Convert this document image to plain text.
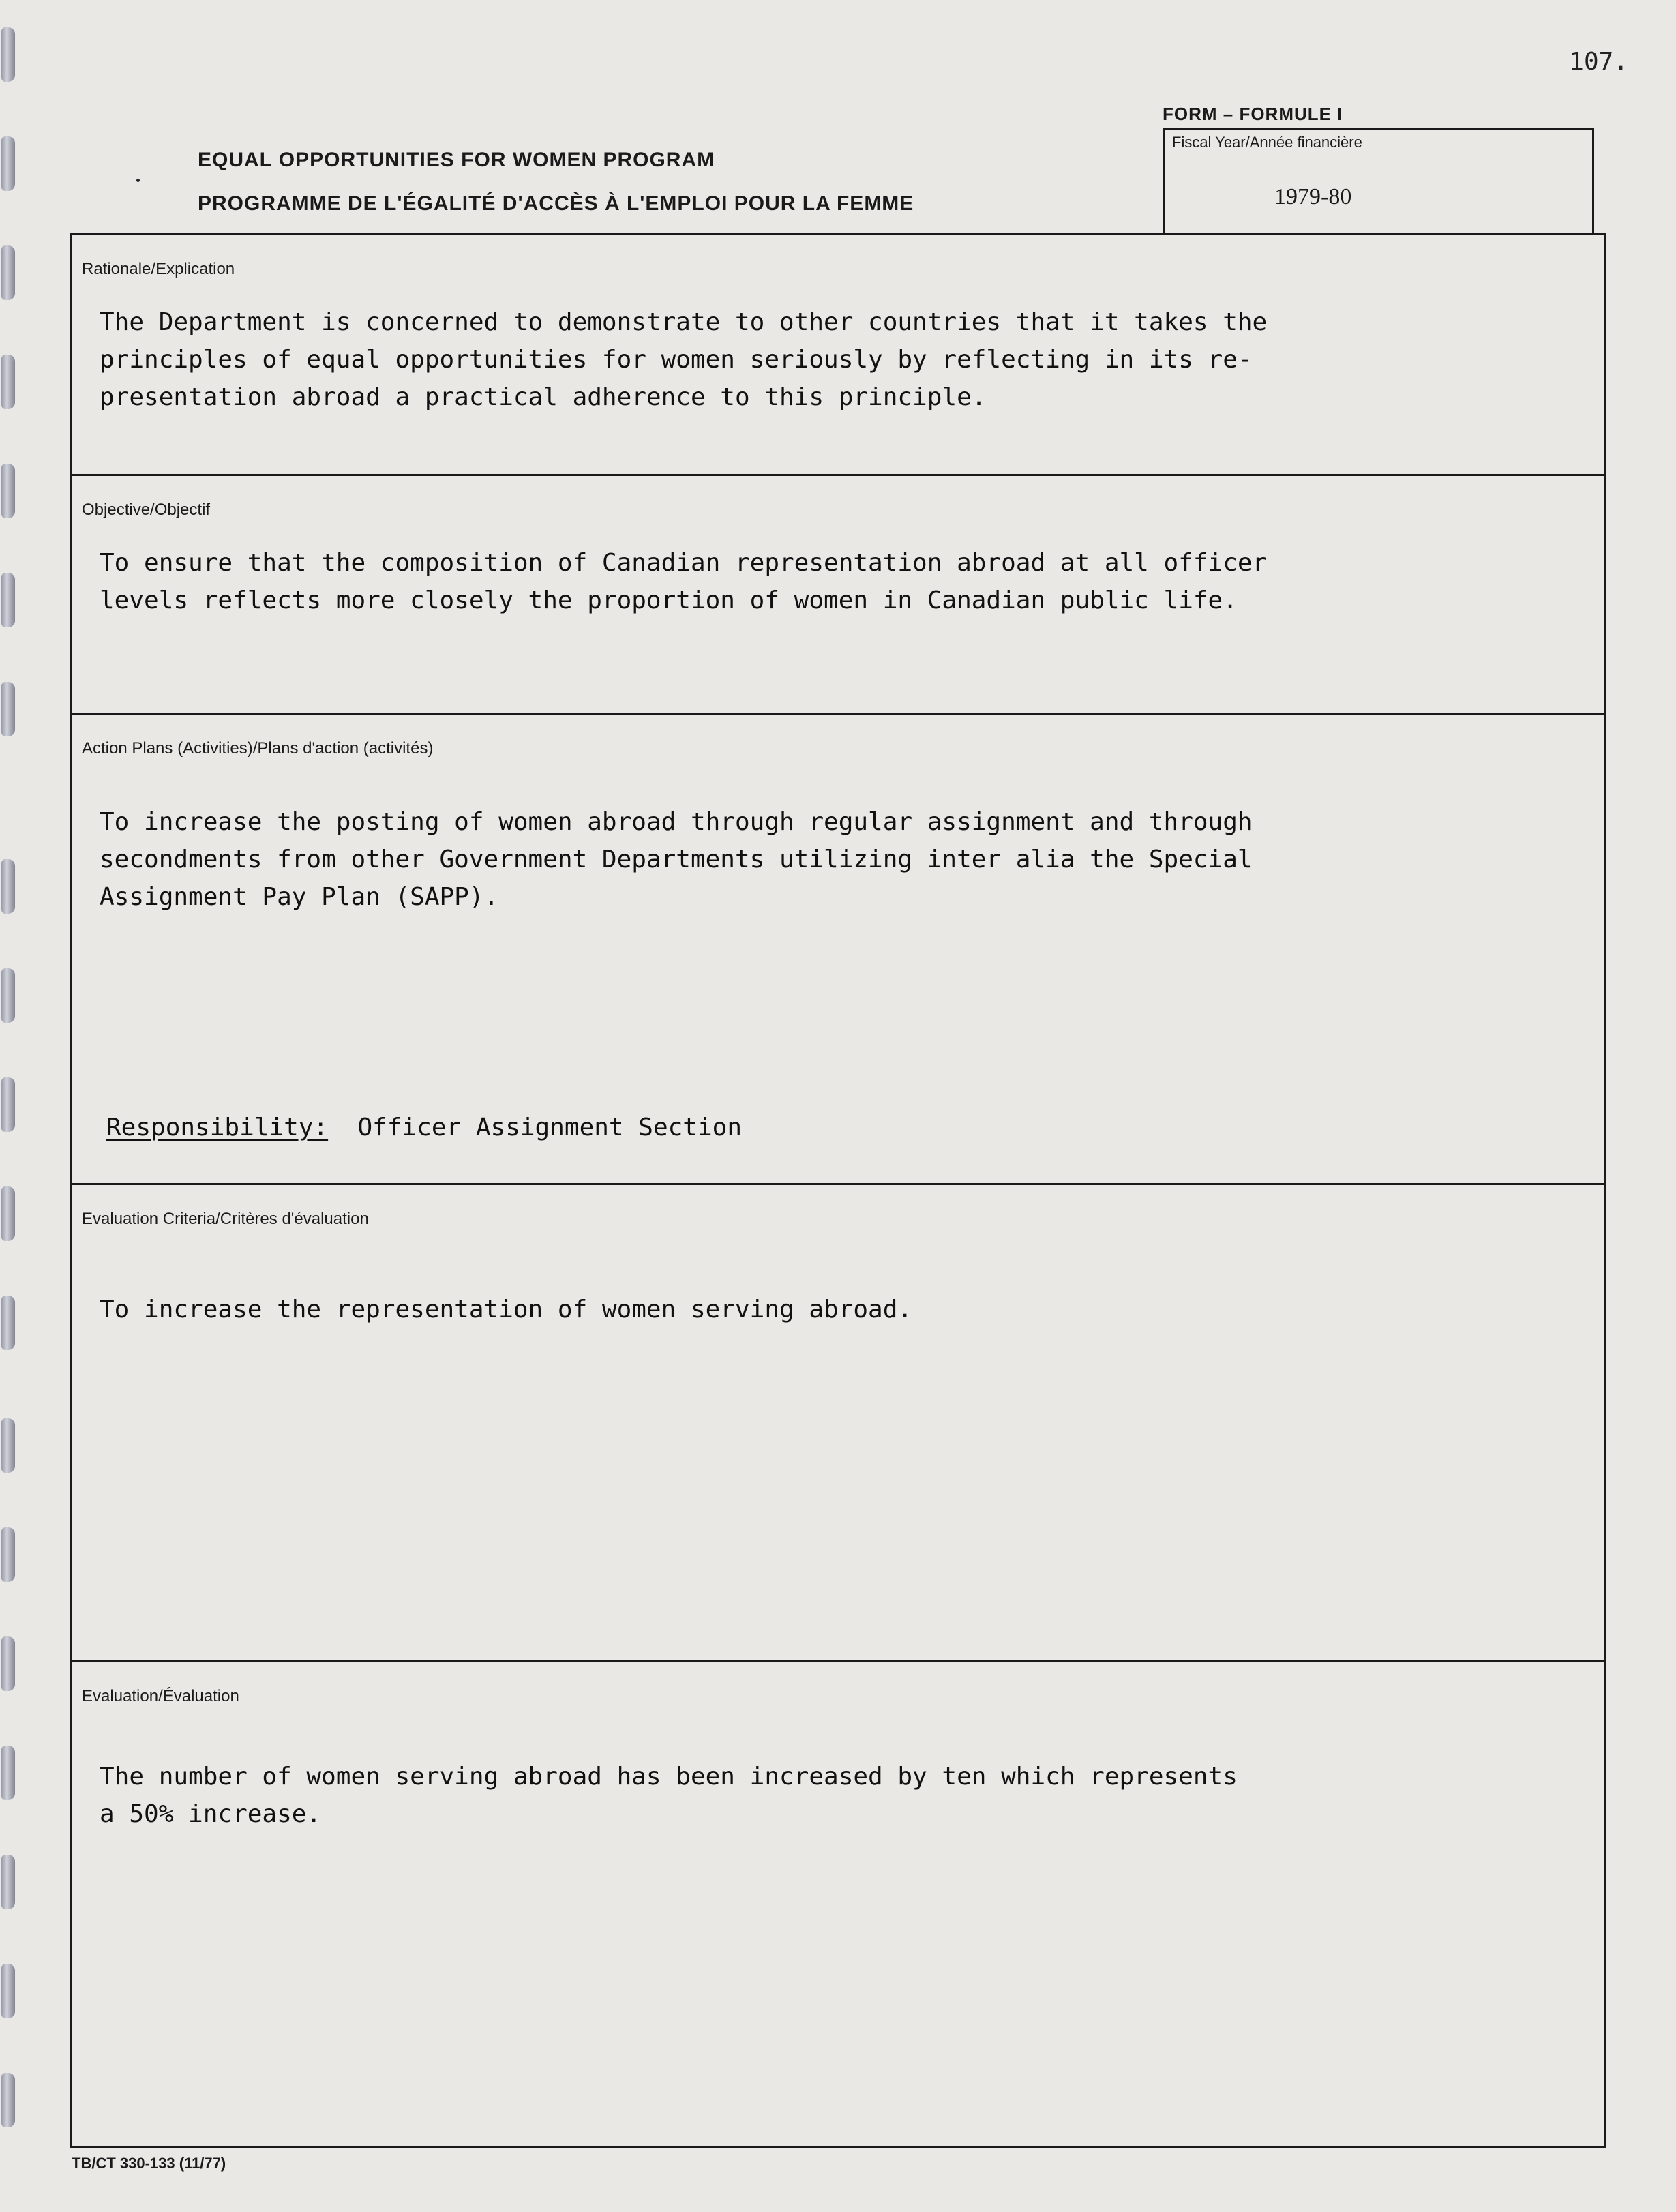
107.
FORM – FORMULE I
Fiscal Year/Année financière
1979-80
EQUAL OPPORTUNITIES FOR WOMEN PROGRAM
PROGRAMME DE L'ÉGALITÉ D'ACCÈS À L'EMPLOI POUR LA FEMME
Rationale/Explication
The Department is concerned to demonstrate to other countries that it takes the
principles of equal opportunities for women seriously by reflecting in its re-
presentation abroad a practical adherence to this principle.
Objective/Objectif
To ensure that the composition of Canadian representation abroad at all officer
levels reflects more closely the proportion of women in Canadian public life.
Action Plans (Activities)/Plans d'action (activités)
To increase the posting of women abroad through regular assignment and through
secondments from other Government Departments utilizing inter alia the Special
Assignment Pay Plan (SAPP).
Responsibility: Officer Assignment Section
Evaluation Criteria/Critères d'évaluation
To increase the representation of women serving abroad.
Evaluation/Évaluation
The number of women serving abroad has been increased by ten which represents
a 50% increase.
TB/CT 330-133 (11/77)
